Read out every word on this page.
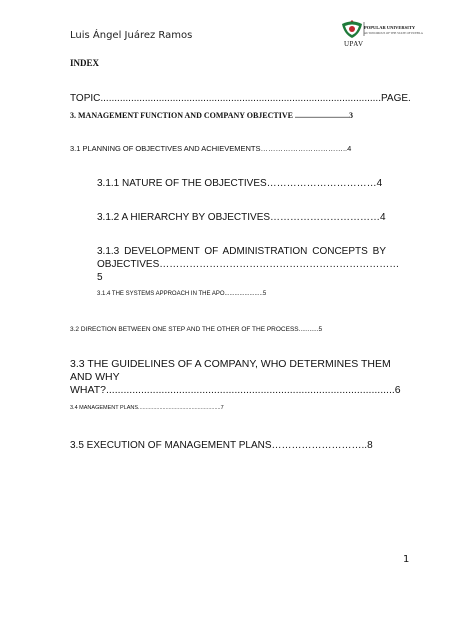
Luis Ángel Juárez Ramos
POPULAR UNIVERSITY
AUTONOMOUS OF THE STATE OF PUEBLA
UPAV
INDEX
TOPIC.....................................................................................................PAGE.
3. MANAGEMENT FUNCTION AND COMPANY OBJECTIVE ...........................3
3.1 PLANNING OF OBJECTIVES AND ACHIEVEMENTS……………………………..4
3.1.1 NATURE OF THE OBJECTIVES……………………………4
3.1.2 A HIERARCHY BY OBJECTIVES……………………………4
3.1.3 DEVELOPMENT OF ADMINISTRATION CONCEPTS BY OBJECTIVES………………………………………………………………5
3.1.4 THE SYSTEMS APPROACH IN THE APO.......................5
3.2 DIRECTION BETWEEN ONE STEP AND THE OTHER OF THE PROCESS...........5
3.3 THE GUIDELINES OF A COMPANY, WHO DETERMINES THEM AND WHY WHAT?...................................................................................................6
3.4 MANAGEMENT PLANS......................................................7
3.5 EXECUTION OF MANAGEMENT PLANS………………………..8
1
